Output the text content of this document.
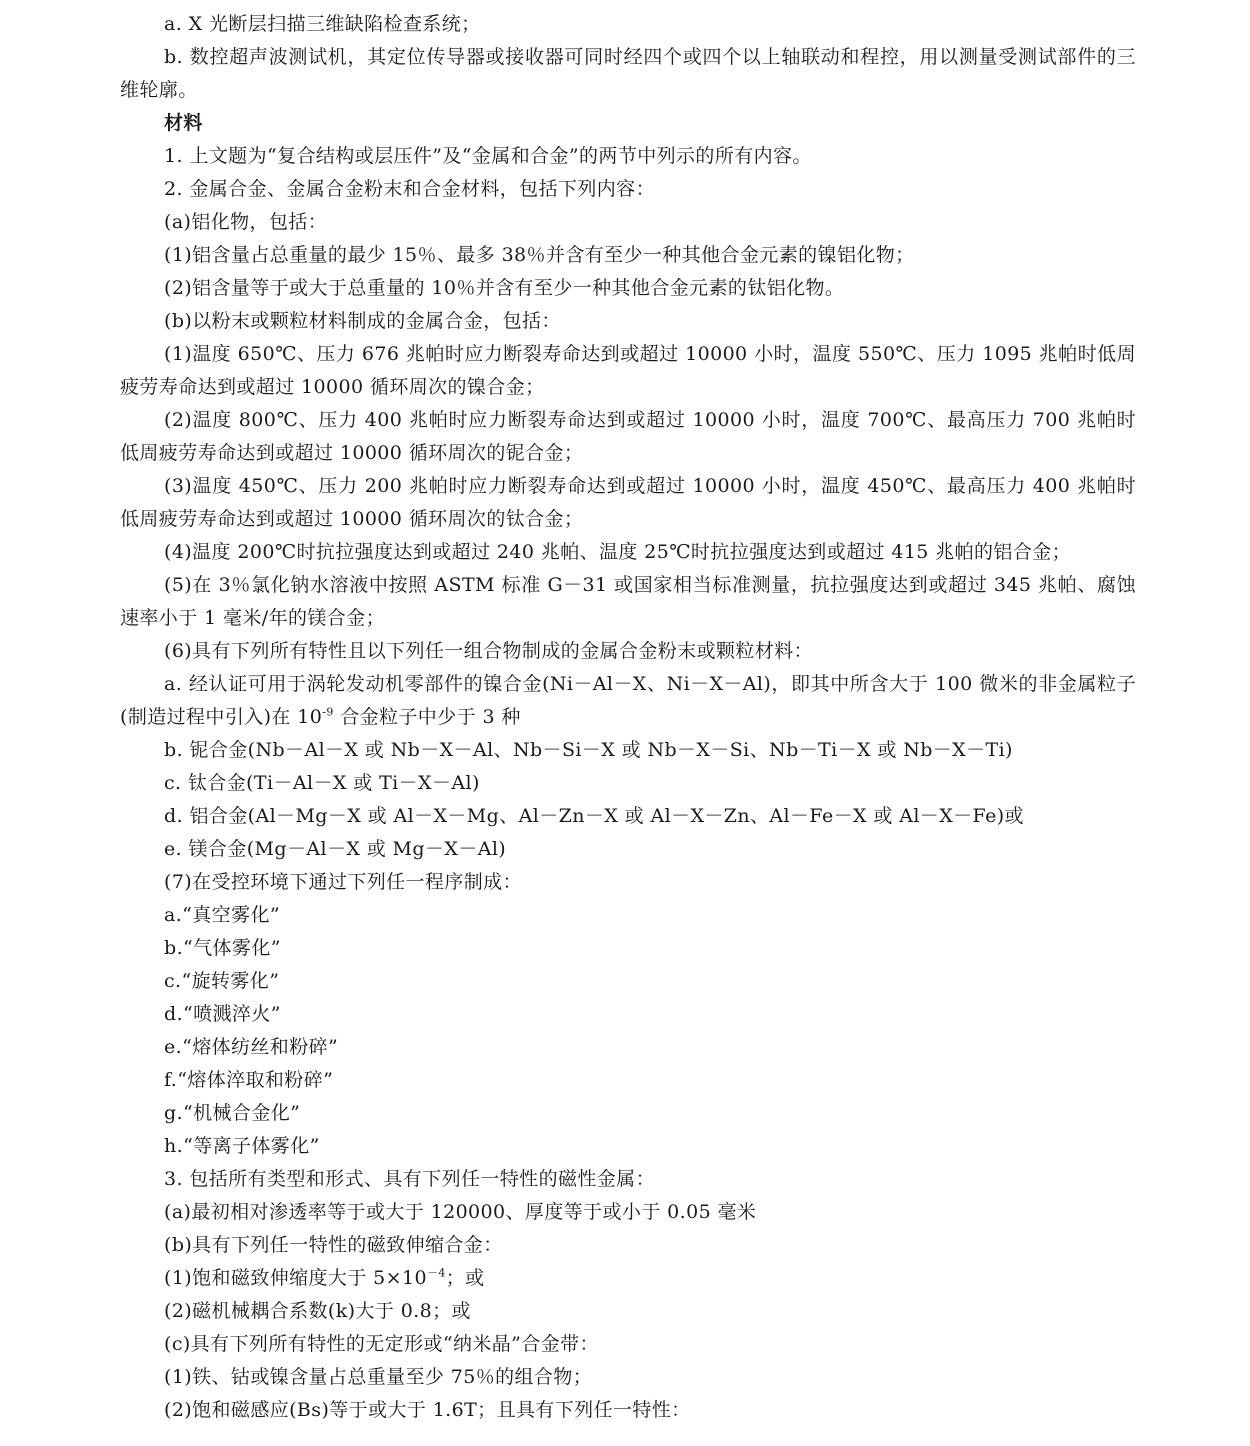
a. X 光断层扫描三维缺陷检查系统；

b. 数控超声波测试机，其定位传导器或接收器可同时经四个或四个以上轴联动和程控，用以测量受测试部件的三维轮廓。

材料

1. 上文题为“复合结构或层压件”及“金属和合金”的两节中列示的所有内容。

2. 金属合金、金属合金粉末和合金材料，包括下列内容：

(a)铝化物，包括：

(1)铝含量占总重量的最少 15％、最多 38％并含有至少一种其他合金元素的镍铝化物；

(2)铝含量等于或大于总重量的 10％并含有至少一种其他合金元素的钛铝化物。

(b)以粉末或颗粒材料制成的金属合金，包括：

(1)温度 650℃、压力 676 兆帕时应力断裂寿命达到或超过 10000 小时，温度 550℃、压力 1095 兆帕时低周疲劳寿命达到或超过 10000 循环周次的镍合金；

(2)温度 800℃、压力 400 兆帕时应力断裂寿命达到或超过 10000 小时，温度 700℃、最高压力 700 兆帕时低周疲劳寿命达到或超过 10000 循环周次的铌合金；

(3)温度 450℃、压力 200 兆帕时应力断裂寿命达到或超过 10000 小时，温度 450℃、最高压力 400 兆帕时低周疲劳寿命达到或超过 10000 循环周次的钛合金；

(4)温度 200℃时抗拉强度达到或超过 240 兆帕、温度 25℃时抗拉强度达到或超过 415 兆帕的铝合金；

(5)在 3％氯化钠水溶液中按照 ASTM 标准 G－31 或国家相当标准测量，抗拉强度达到或超过 345 兆帕、腐蚀速率小于 1 毫米/年的镁合金；

(6)具有下列所有特性且以下列任一组合物制成的金属合金粉末或颗粒材料：

a. 经认证可用于涡轮发动机零部件的镍合金(Ni－Al－X、Ni－X－Al)，即其中所含大于 100 微米的非金属粒子(制造过程中引入)在 $10^{-9}$ 合金粒子中少于 3 种

b. 铌合金(Nb－Al－X 或 Nb－X－Al、Nb－Si－X 或 Nb－X－Si、Nb－Ti－X 或 Nb－X－Ti)

c. 钛合金(Ti－Al－X 或 Ti－X－Al)

d. 铝合金(Al－Mg－X 或 Al－X－Mg、Al－Zn－X 或 Al－X－Zn、Al－Fe－X 或 Al－X－Fe)或

e. 镁合金(Mg－Al－X 或 Mg－X－Al)

(7)在受控环境下通过下列任一程序制成：

a.“真空雾化”

b.“气体雾化”

c.“旋转雾化”

d.“喷溅淬火”

e.“熔体纺丝和粉碎”

f.“熔体淬取和粉碎”

g.“机械合金化”

h.“等离子体雾化”

3. 包括所有类型和形式、具有下列任一特性的磁性金属：

(a)最初相对渗透率等于或大于 120000、厚度等于或小于 0.05 毫米

(b)具有下列任一特性的磁致伸缩合金：

(1)饱和磁致伸缩度大于 $5\times 10^{-4}$；或

(2)磁机械耦合系数(k)大于 0.8；或

(c)具有下列所有特性的无定形或“纳米晶”合金带：

(1)铁、钴或镍含量占总重量至少 75％的组合物；

(2)饱和磁感应(Bs)等于或大于 1.6T；且具有下列任一特性：
